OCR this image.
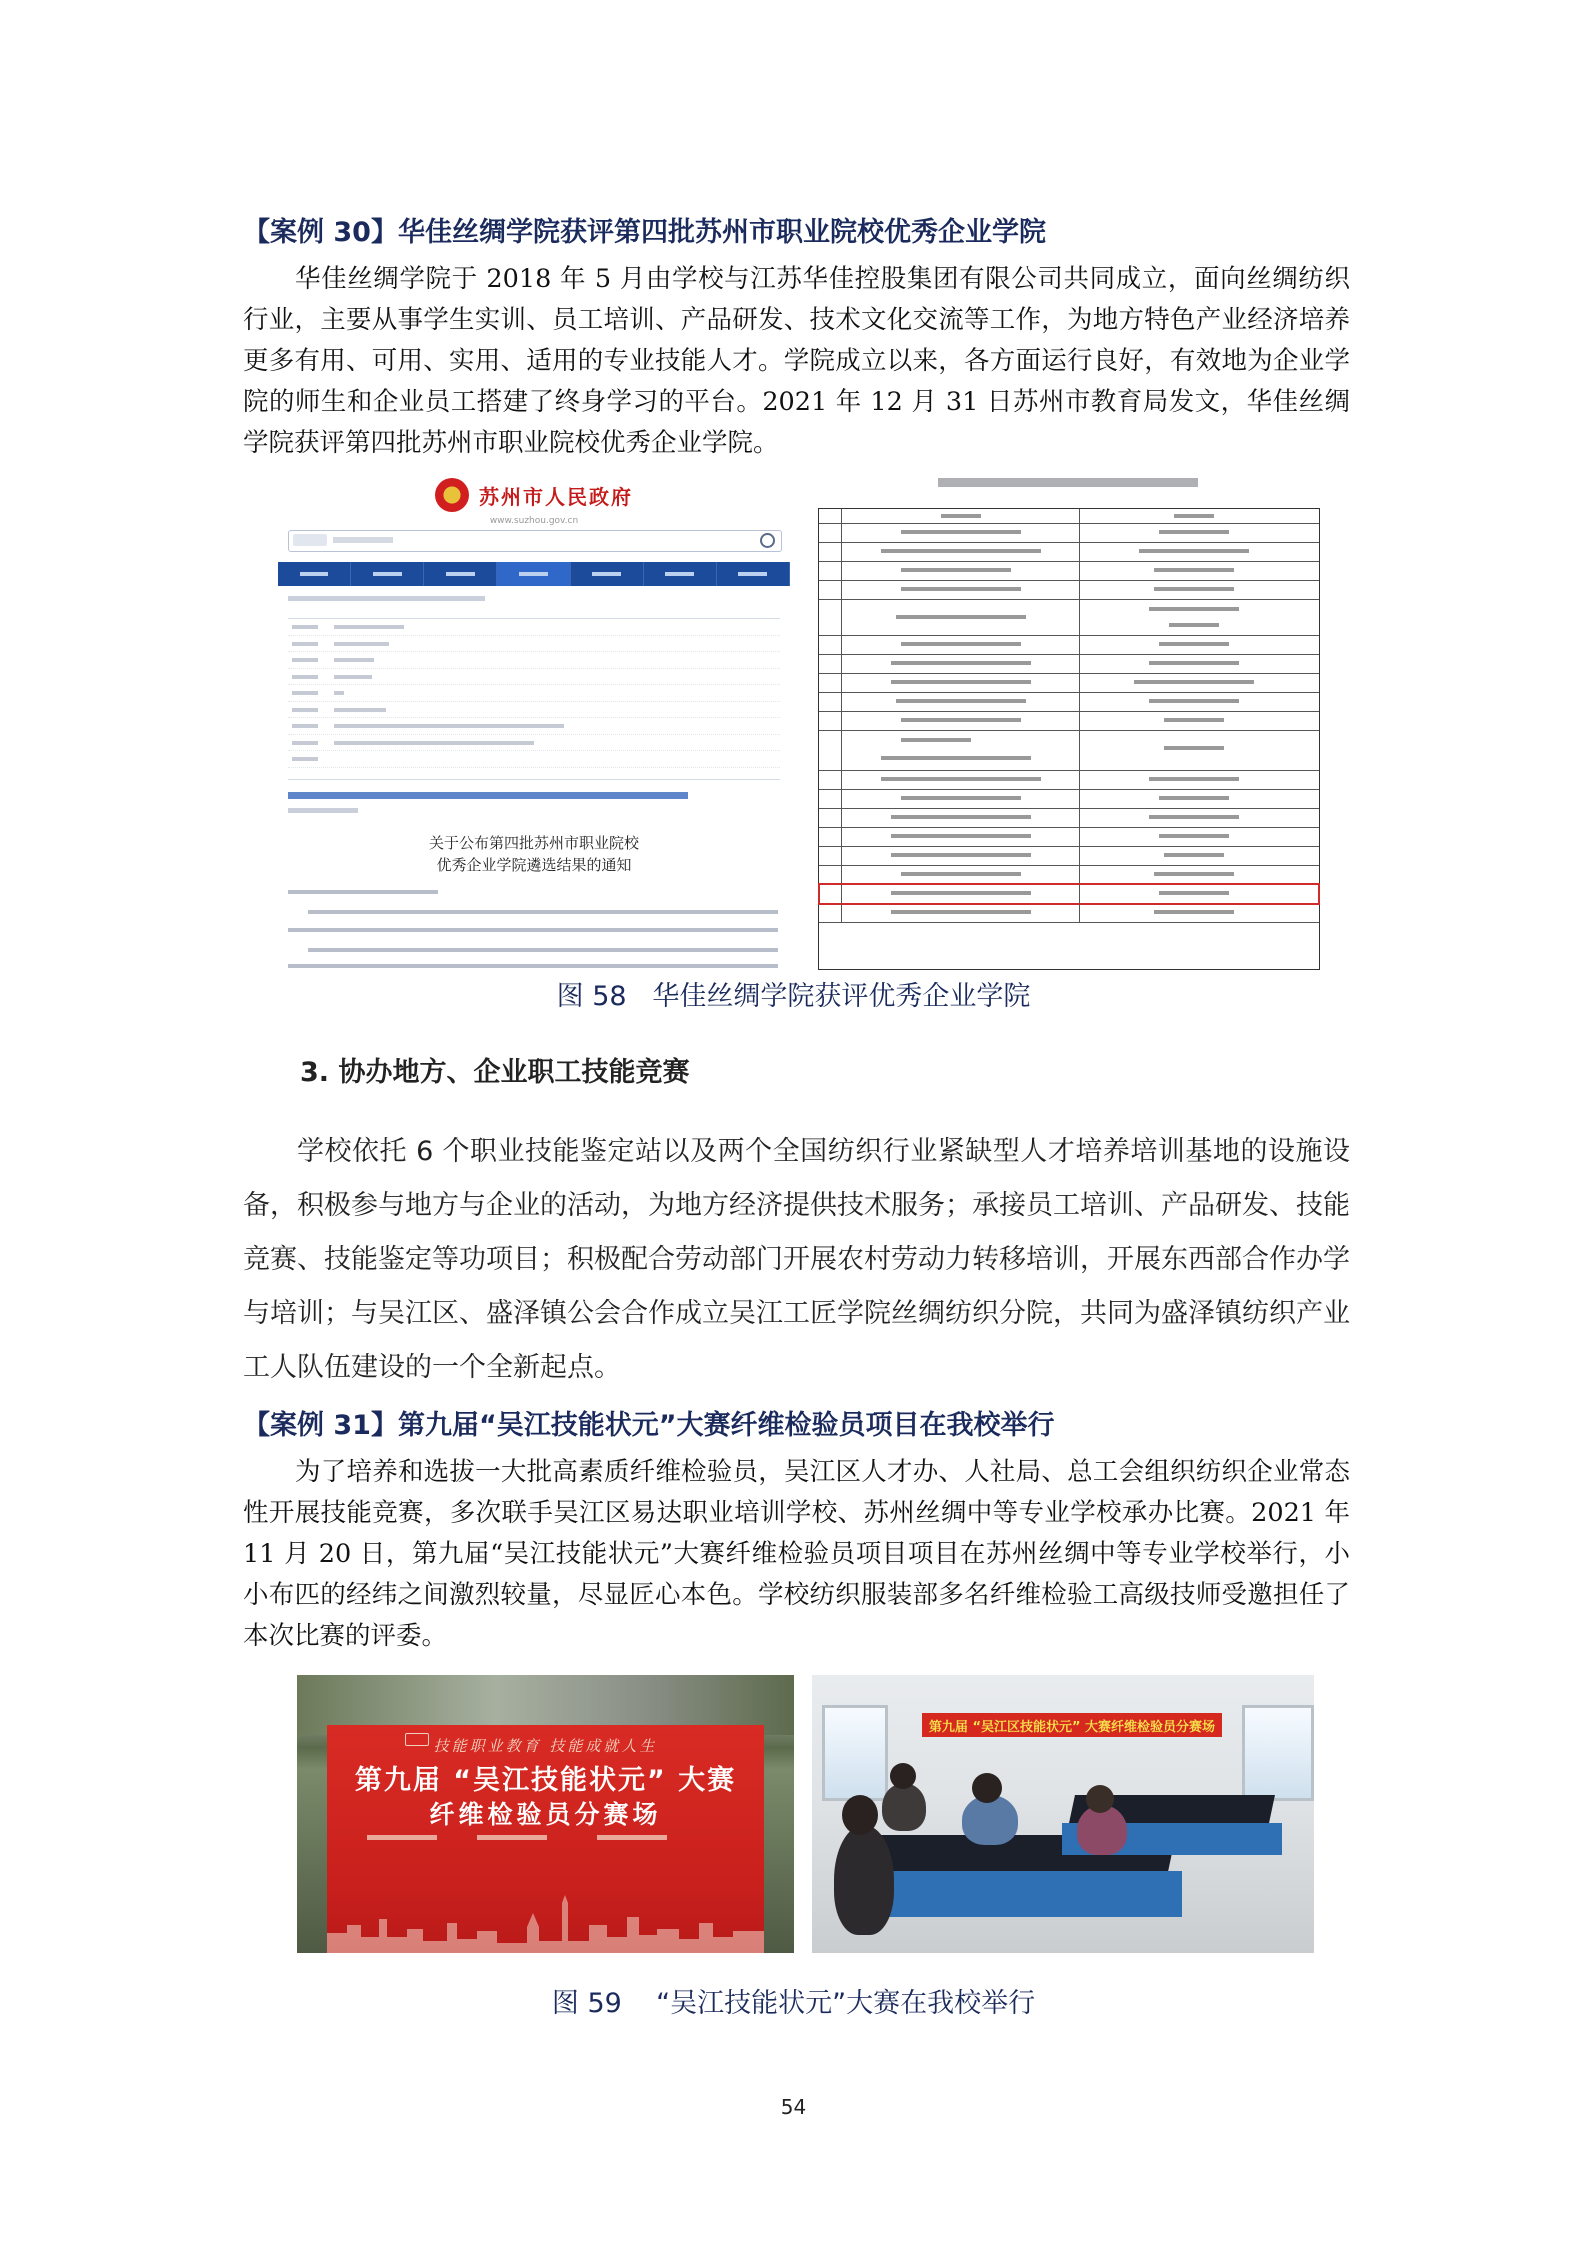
【案例 30】华佳丝绸学院获评第四批苏州市职业院校优秀企业学院

华佳丝绸学院于 2018 年 5 月由学校与江苏华佳控股集团有限公司共同成立，面向丝绸纺织行业，主要从事学生实训、员工培训、产品研发、技术文化交流等工作，为地方特色产业经济培养更多有用、可用、实用、适用的专业技能人才。学院成立以来，各方面运行良好，有效地为企业学院的师生和企业员工搭建了终身学习的平台。2021 年 12 月 31 日苏州市教育局发文，华佳丝绸学院获评第四批苏州市职业院校优秀企业学院。

苏州市人民政府
www.suzhou.gov.cn
关于公布第四批苏州市职业院校
优秀企业学院遴选结果的通知
图 58   华佳丝绸学院获评优秀企业学院
3. 协办地方、企业职工技能竞赛

学校依托 6 个职业技能鉴定站以及两个全国纺织行业紧缺型人才培养培训基地的设施设备，积极参与地方与企业的活动，为地方经济提供技术服务；承接员工培训、产品研发、技能竞赛、技能鉴定等功项目；积极配合劳动部门开展农村劳动力转移培训，开展东西部合作办学与培训；与吴江区、盛泽镇公会合作成立吴江工匠学院丝绸纺织分院，共同为盛泽镇纺织产业工人队伍建设的一个全新起点。

【案例 31】第九届“吴江技能状元”大赛纤维检验员项目在我校举行

为了培养和选拔一大批高素质纤维检验员，吴江区人才办、人社局、总工会组织纺织企业常态性开展技能竞赛，多次联手吴江区易达职业培训学校、苏州丝绸中等专业学校承办比赛。2021 年 11 月 20 日，第九届“吴江技能状元”大赛纤维检验员项目项目在苏州丝绸中等专业学校举行，小小布匹的经纬之间激烈较量，尽显匠心本色。学校纺织服装部多名纤维检验工高级技师受邀担任了本次比赛的评委。

技能职业教育 技能成就人生
第九届 “吴江技能状元” 大赛
纤维检验员分赛场
第九届 “吴江区技能状元” 大赛纤维检验员分赛场
图 59    “吴江技能状元”大赛在我校举行
54
